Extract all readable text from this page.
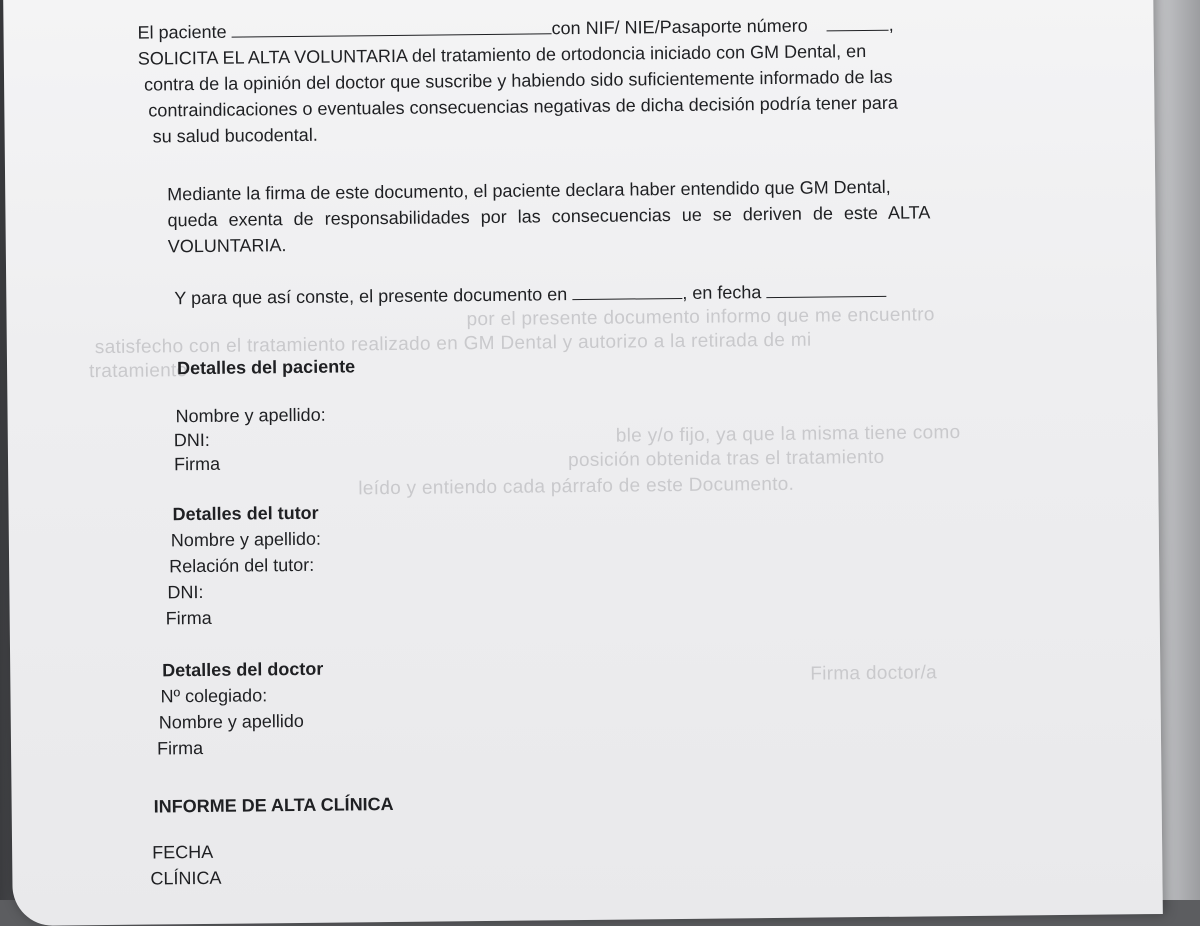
por el presente documento informo que me encuentro
satisfecho con el tratamiento realizado en GM Dental y autorizo a la retirada de mi
tratamiento
ble y/o fijo, ya que la misma tiene como
posición obtenida tras el tratamiento
leído y entiendo cada párrafo de este Documento.
Firma doctor/a
El paciente	con NIF/ NIE/Pasaporte número	,
SOLICITA EL ALTA VOLUNTARIA del tratamiento de ortodoncia iniciado con GM Dental, en
contra de la opinión del doctor que suscribe y habiendo sido suficientemente informado de las
contraindicaciones o eventuales consecuencias negativas de dicha decisión podría tener para
su salud bucodental.
Mediante la firma de este documento, el paciente declara haber entendido que GM Dental,
queda exenta de responsabilidades por las consecuencias ue se deriven de este ALTA
VOLUNTARIA.
Y para que así conste, el presente documento en	, en fecha
Detalles del paciente
Nombre y apellido:
DNI:
Firma
Detalles del tutor
Nombre y apellido:
Relación del tutor:
DNI:
Firma
Detalles del doctor
Nº colegiado:
Nombre y apellido
Firma
INFORME DE ALTA CLÍNICA
FECHA
CLÍNICA
